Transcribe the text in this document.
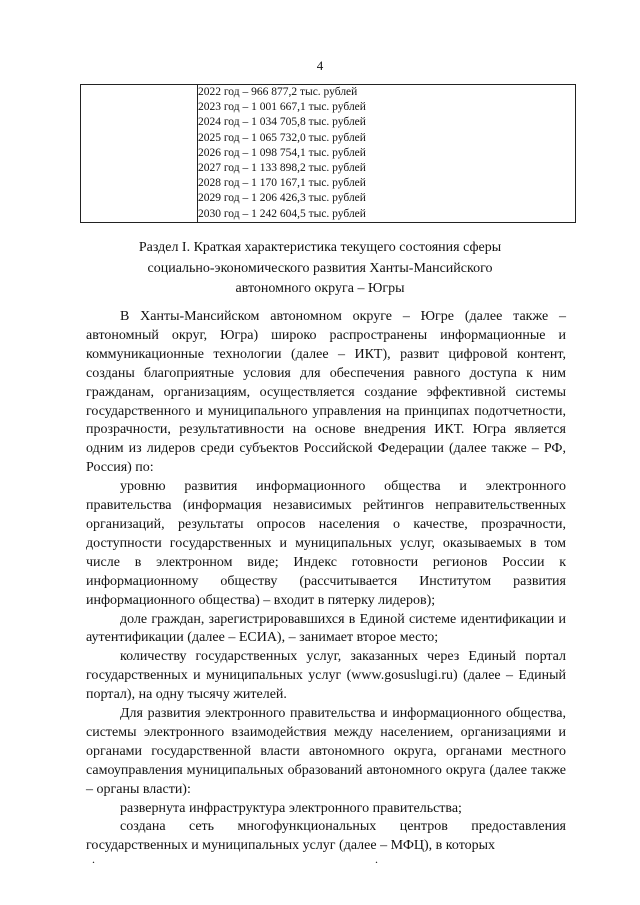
4

2022 год – 966 877,2 тыс. рублей
2023 год – 1 001 667,1 тыс. рублей
2024 год – 1 034 705,8 тыс. рублей
2025 год – 1 065 732,0 тыс. рублей
2026 год – 1 098 754,1 тыс. рублей
2027 год – 1 133 898,2 тыс. рублей
2028 год – 1 170 167,1 тыс. рублей
2029 год – 1 206 426,3 тыс. рублей
2030 год – 1 242 604,5 тыс. рублей
Раздел I. Краткая характеристика текущего состояния сферы
социально-экономического развития Ханты-Мансийского
автономного округа – Югры

В Ханты-Мансийском автономном округе – Югре (далее также – автономный округ, Югра) широко распространены информационные и коммуникационные технологии (далее – ИКТ), развит цифровой контент, созданы благоприятные условия для обеспечения равного доступа к ним гражданам, организациям, осуществляется создание эффективной системы государственного и муниципального управления на принципах подотчетности, прозрачности, результативности на основе внедрения ИКТ. Югра является одним из лидеров среди субъектов Российской Федерации (далее также – РФ, Россия) по:

уровню развития информационного общества и электронного правительства (информация независимых рейтингов неправительственных организаций, результаты опросов населения о качестве, прозрачности, доступности государственных и муниципальных услуг, оказываемых в том числе в электронном виде; Индекс готовности регионов России к информационному обществу (рассчитывается Институтом развития информационного общества) – входит в пятерку лидеров);

доле граждан, зарегистрировавшихся в Единой системе идентификации и аутентификации (далее – ЕСИА), – занимает второе место;

количеству государственных услуг, заказанных через Единый портал государственных и муниципальных услуг (www.gosuslugi.ru) (далее – Единый портал), на одну тысячу жителей.

Для развития электронного правительства и информационного общества, системы электронного взаимодействия между населением, организациями и органами государственной власти автономного округа, органами местного самоуправления муниципальных образований автономного округа (далее также – органы власти):

развернута инфраструктура электронного правительства;

создана сеть многофункциональных центров предоставления государственных и муниципальных услуг (далее – МФЦ), в которых

.	.
